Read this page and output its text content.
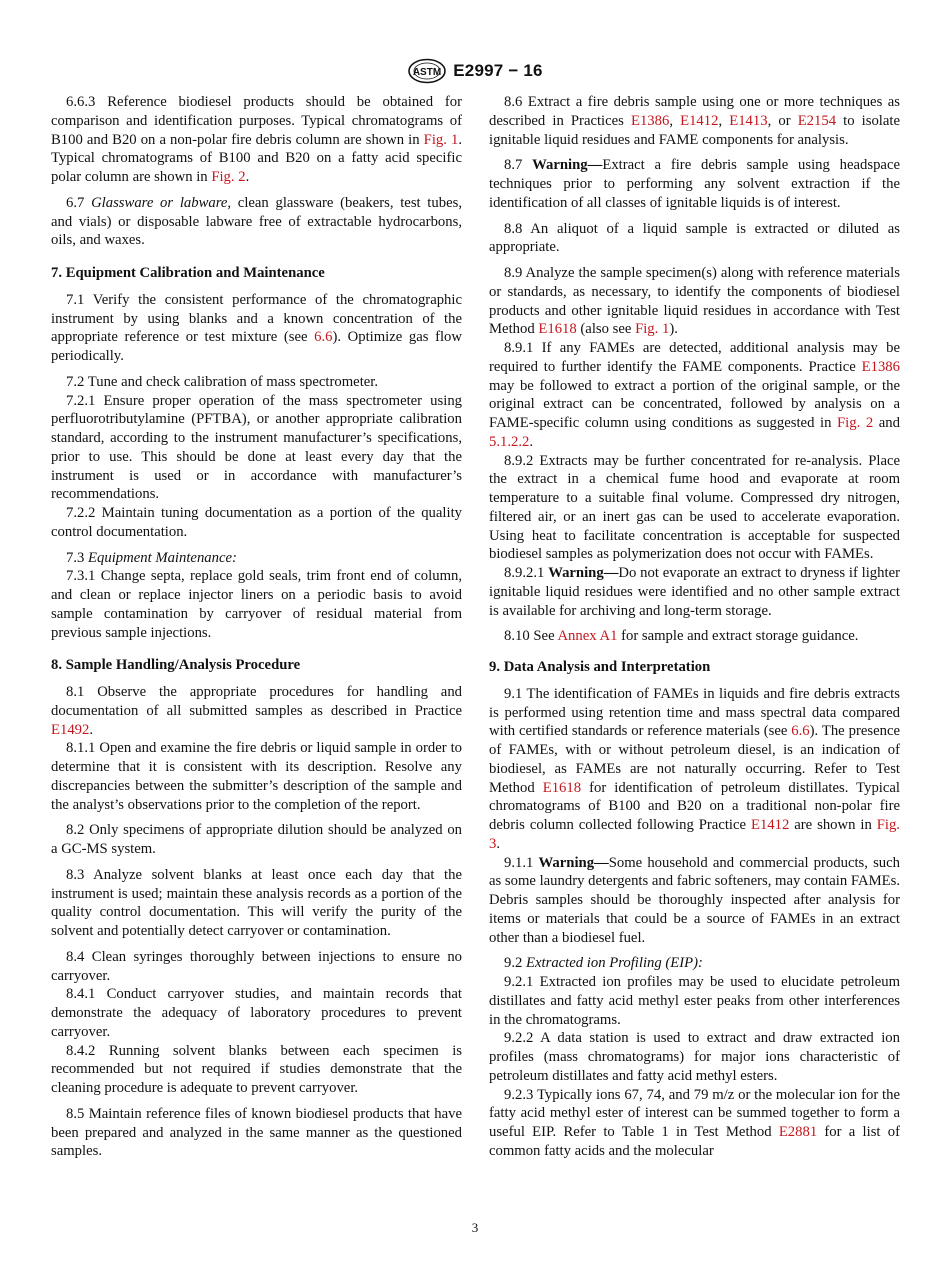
ASTM E2997 − 16

6.6.3 Reference biodiesel products should be obtained for comparison and identification purposes. Typical chromatograms of B100 and B20 on a non-polar fire debris column are shown in Fig. 1. Typical chromatograms of B100 and B20 on a fatty acid specific polar column are shown in Fig. 2.

6.7 Glassware or labware, clean glassware (beakers, test tubes, and vials) or disposable labware free of extractable hydrocarbons, oils, and waxes.

7. Equipment Calibration and Maintenance

7.1 Verify the consistent performance of the chromatographic instrument by using blanks and a known concentration of the appropriate reference or test mixture (see 6.6). Optimize gas flow periodically.

7.2 Tune and check calibration of mass spectrometer.

7.2.1 Ensure proper operation of the mass spectrometer using perfluorotributylamine (PFTBA), or another appropriate calibration standard, according to the instrument manufacturer’s specifications, prior to use. This should be done at least every day that the instrument is used or in accordance with manufacturer’s recommendations.

7.2.2 Maintain tuning documentation as a portion of the quality control documentation.

7.3 Equipment Maintenance:

7.3.1 Change septa, replace gold seals, trim front end of column, and clean or replace injector liners on a periodic basis to avoid sample contamination by carryover of residual material from previous sample injections.

8. Sample Handling/Analysis Procedure

8.1 Observe the appropriate procedures for handling and documentation of all submitted samples as described in Practice E1492.

8.1.1 Open and examine the fire debris or liquid sample in order to determine that it is consistent with its description. Resolve any discrepancies between the submitter’s description of the sample and the analyst’s observations prior to the completion of the report.

8.2 Only specimens of appropriate dilution should be analyzed on a GC-MS system.

8.3 Analyze solvent blanks at least once each day that the instrument is used; maintain these analysis records as a portion of the quality control documentation. This will verify the purity of the solvent and potentially detect carryover or contamination.

8.4 Clean syringes thoroughly between injections to ensure no carryover.

8.4.1 Conduct carryover studies, and maintain records that demonstrate the adequacy of laboratory procedures to prevent carryover.

8.4.2 Running solvent blanks between each specimen is recommended but not required if studies demonstrate that the cleaning procedure is adequate to prevent carryover.

8.5 Maintain reference files of known biodiesel products that have been prepared and analyzed in the same manner as the questioned samples.

8.6 Extract a fire debris sample using one or more techniques as described in Practices E1386, E1412, E1413, or E2154 to isolate ignitable liquid residues and FAME components for analysis.

8.7 Warning—Extract a fire debris sample using headspace techniques prior to performing any solvent extraction if the identification of all classes of ignitable liquids is of interest.

8.8 An aliquot of a liquid sample is extracted or diluted as appropriate.

8.9 Analyze the sample specimen(s) along with reference materials or standards, as necessary, to identify the components of biodiesel products and other ignitable liquid residues in accordance with Test Method E1618 (also see Fig. 1).

8.9.1 If any FAMEs are detected, additional analysis may be required to further identify the FAME components. Practice E1386 may be followed to extract a portion of the original sample, or the original extract can be concentrated, followed by analysis on a FAME-specific column using conditions as suggested in Fig. 2 and 5.1.2.2.

8.9.2 Extracts may be further concentrated for re-analysis. Place the extract in a chemical fume hood and evaporate at room temperature to a suitable final volume. Compressed dry nitrogen, filtered air, or an inert gas can be used to accelerate evaporation. Using heat to facilitate concentration is acceptable for suspected biodiesel samples as polymerization does not occur with FAMEs.

8.9.2.1 Warning—Do not evaporate an extract to dryness if lighter ignitable liquid residues were identified and no other sample extract is available for archiving and long-term storage.

8.10 See Annex A1 for sample and extract storage guidance.

9. Data Analysis and Interpretation

9.1 The identification of FAMEs in liquids and fire debris extracts is performed using retention time and mass spectral data compared with certified standards or reference materials (see 6.6). The presence of FAMEs, with or without petroleum diesel, is an indication of biodiesel, as FAMEs are not naturally occurring. Refer to Test Method E1618 for identification of petroleum distillates. Typical chromatograms of B100 and B20 on a traditional non-polar fire debris column collected following Practice E1412 are shown in Fig. 3.

9.1.1 Warning—Some household and commercial products, such as some laundry detergents and fabric softeners, may contain FAMEs. Debris samples should be thoroughly inspected after analysis for items or materials that could be a source of FAMEs in an extract other than a biodiesel fuel.

9.2 Extracted ion Profiling (EIP):

9.2.1 Extracted ion profiles may be used to elucidate petroleum distillates and fatty acid methyl ester peaks from other interferences in the chromatograms.

9.2.2 A data station is used to extract and draw extracted ion profiles (mass chromatograms) for major ions characteristic of petroleum distillates and fatty acid methyl esters.

9.2.3 Typically ions 67, 74, and 79 m/z or the molecular ion for the fatty acid methyl ester of interest can be summed together to form a useful EIP. Refer to Table 1 in Test Method E2881 for a list of common fatty acids and the molecular

3
